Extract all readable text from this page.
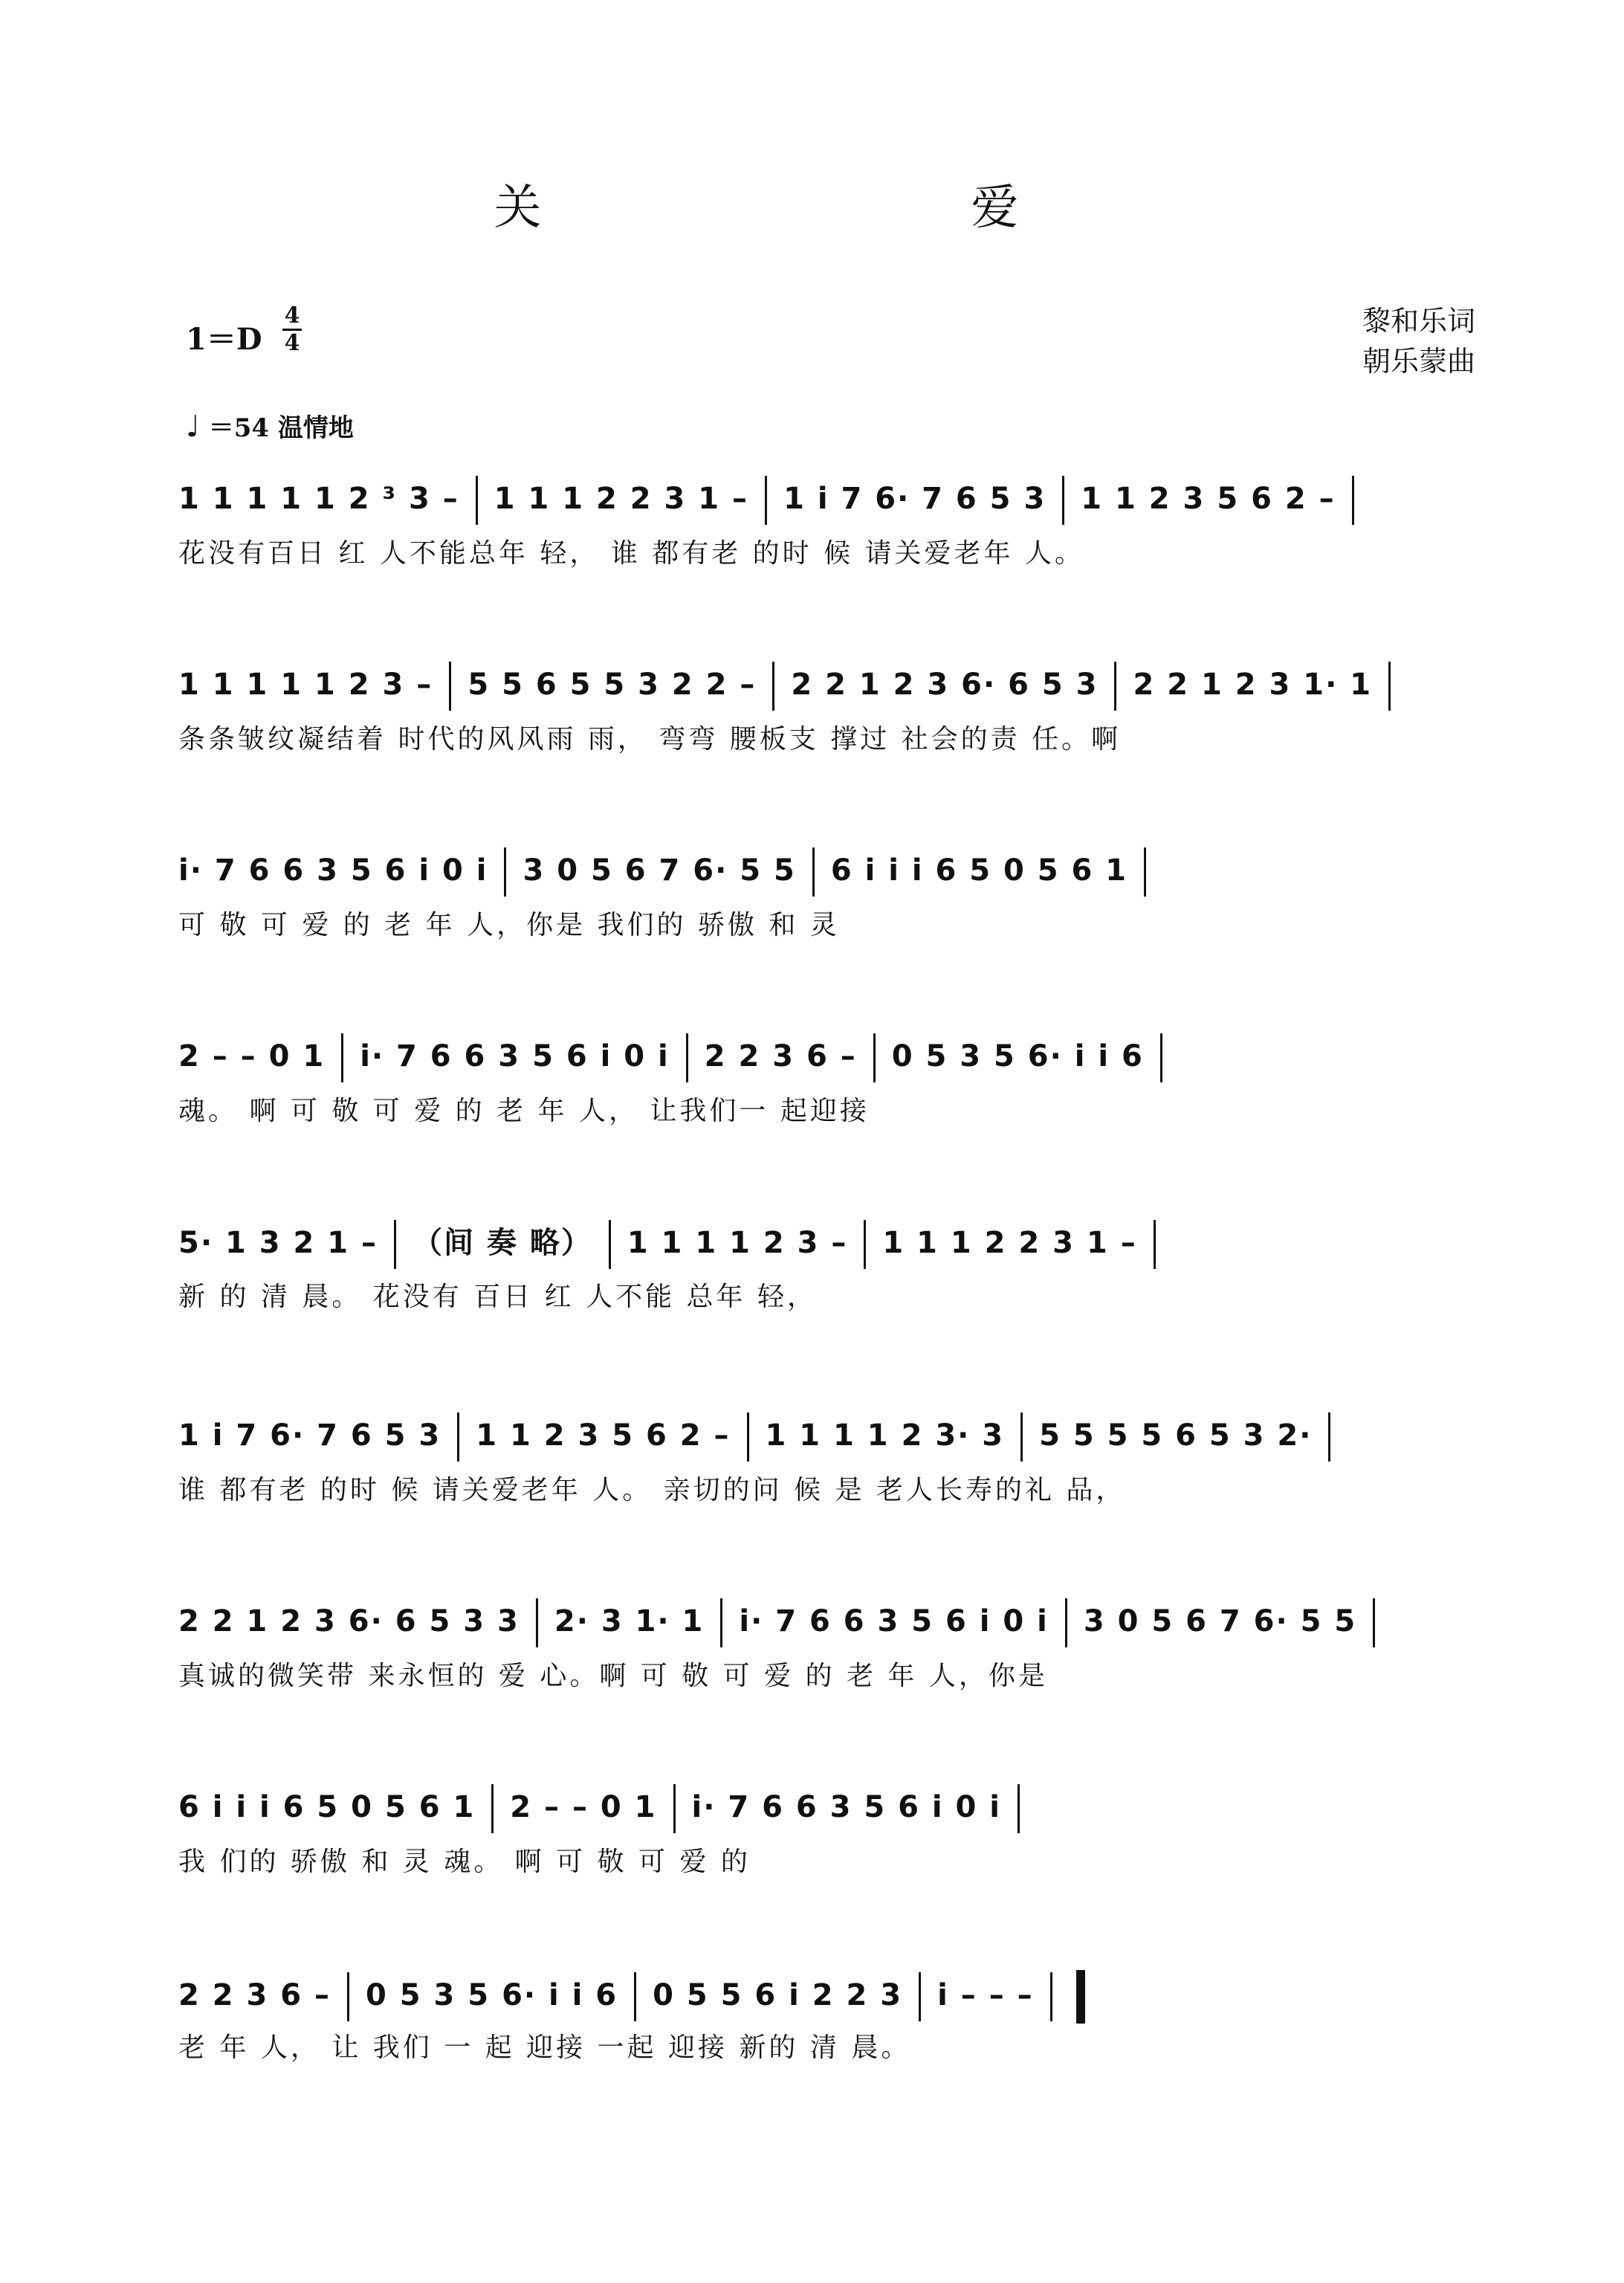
关　　爱
1＝D
4
4
黎和乐词
朝乐蒙曲
♩ ＝54 温情地
1 1 1 1 1 2 ³ 3 – 1 1 1 2 2 3 1 – 1 i 7 6· 7 6 5 3 1 1 2 3 5 6 2 –
花没有百日 红 人不能总年 轻， 谁 都有老 的时 候 请关爱老年 人。
1 1 1 1 1 2 3 – 5 5 6 5 5 3 2 2 – 2 2 1 2 3 6· 6 5 3 2 2 1 2 3 1· 1
条条皱纹凝结着 时代的风风雨 雨， 弯弯 腰板支 撑过 社会的责 任。啊
i· 7 6 6 3 5 6 i 0 i 3 0 5 6 7 6· 5 5 6 i i i 6 5 0 5 6 1
可 敬 可 爱 的 老 年 人，你是 我们的 骄傲 和 灵
2 – – 0 1 i· 7 6 6 3 5 6 i 0 i 2 2 3 6 – 0 5 3 5 6· i i 6
魂。 啊 可 敬 可 爱 的 老 年 人， 让我们一 起迎接
5· 1 3 2 1 – （间 奏 略） 1 1 1 1 2 3 – 1 1 1 2 2 3 1 –
新 的 清 晨。 花没有 百日 红 人不能 总年 轻，
1 i 7 6· 7 6 5 3 1 1 2 3 5 6 2 – 1 1 1 1 2 3· 3 5 5 5 5 6 5 3 2·
谁 都有老 的时 候 请关爱老年 人。 亲切的问 候 是 老人长寿的礼 品，
2 2 1 2 3 6· 6 5 3 3 2· 3 1· 1 i· 7 6 6 3 5 6 i 0 i 3 0 5 6 7 6· 5 5
真诚的微笑带 来永恒的 爱 心。啊 可 敬 可 爱 的 老 年 人，你是
6 i i i 6 5 0 5 6 1 2 – – 0 1 i· 7 6 6 3 5 6 i 0 i
我 们的 骄傲 和 灵 魂。 啊 可 敬 可 爱 的
2 2 3 6 – 0 5 3 5 6· i i 6 0 5 5 6 i 2 2 3 i – – –
老 年 人， 让 我们 一 起 迎接 一起 迎接 新的 清 晨。
